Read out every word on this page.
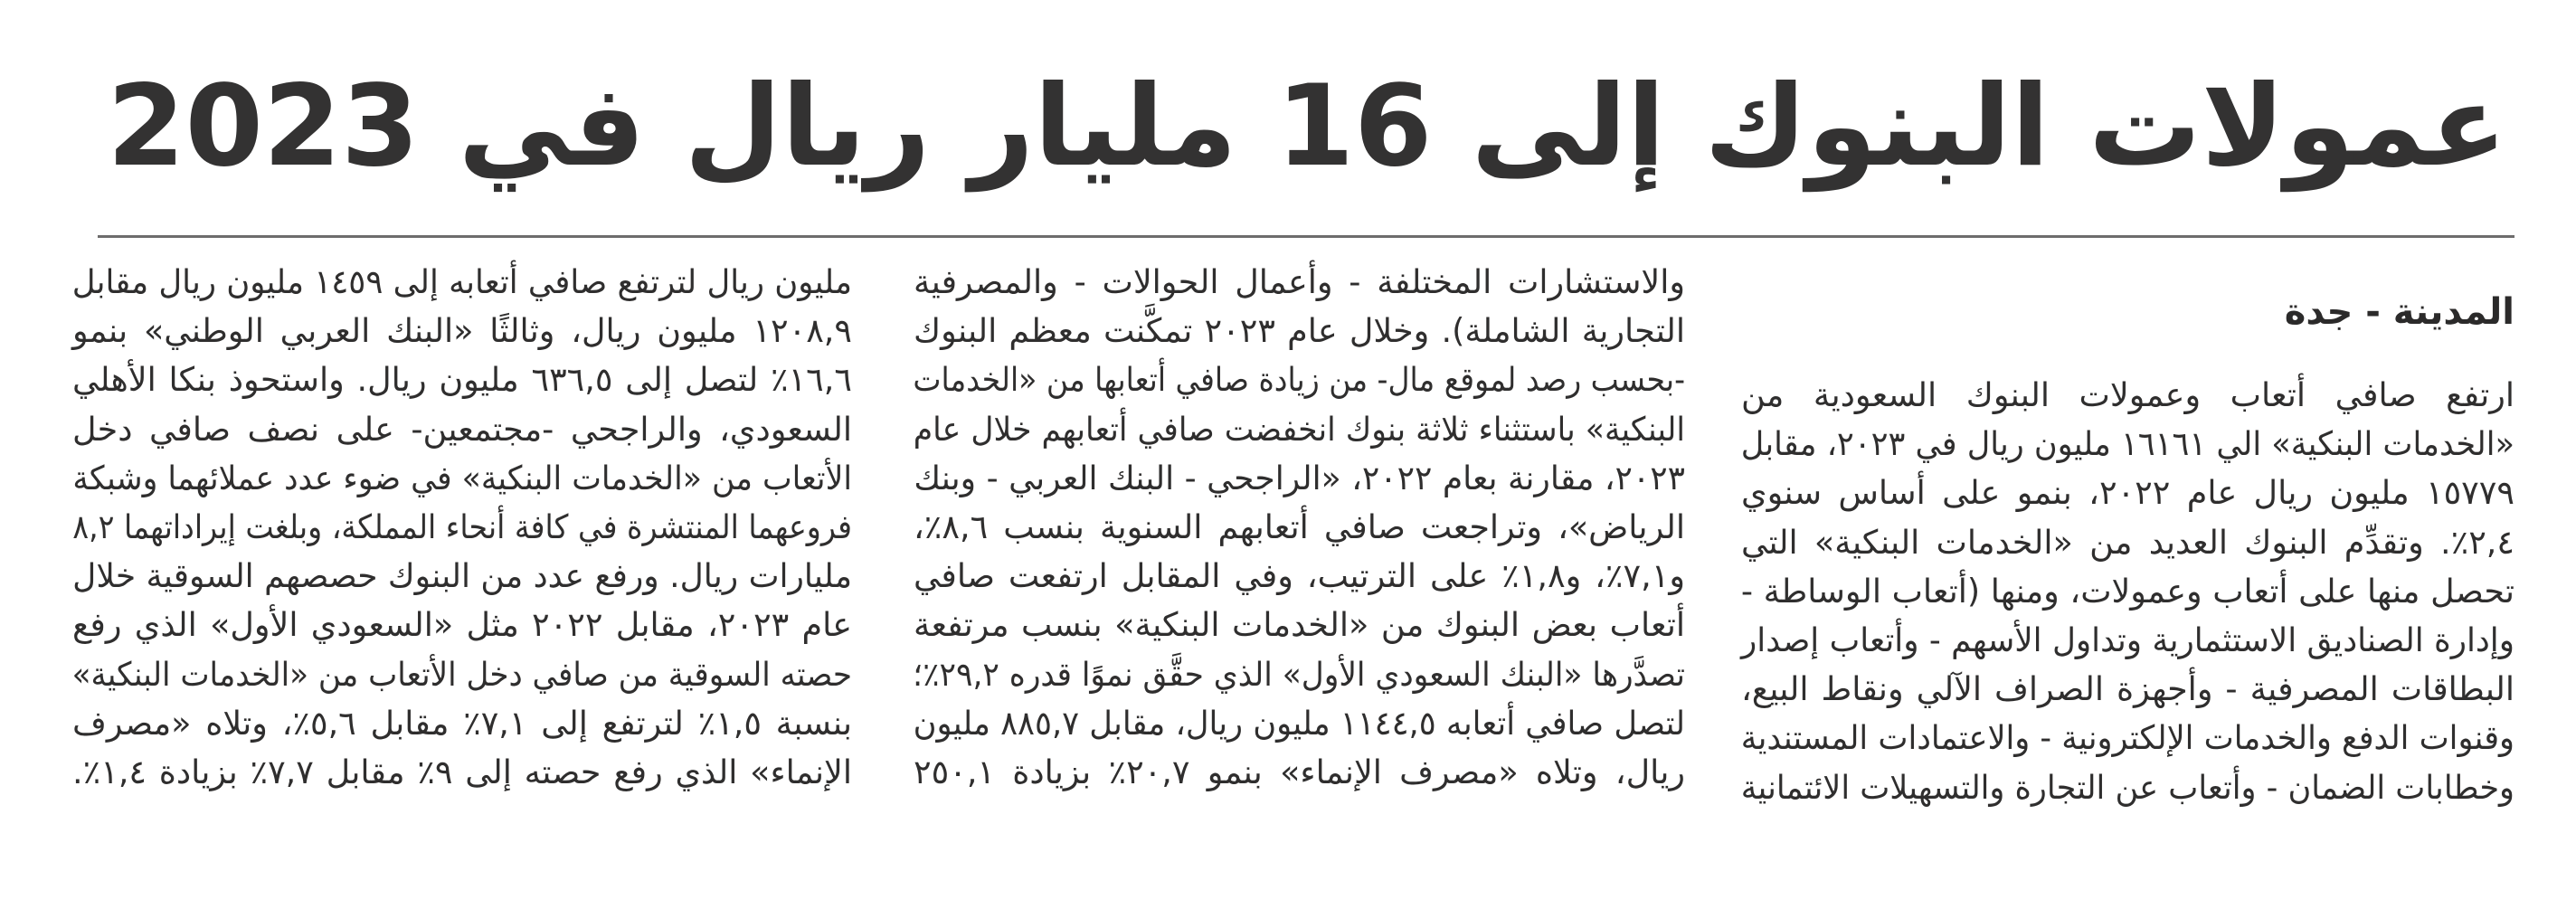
عمولات البنوك إلى 16 مليار ريال في 2023
المدينة - جدة
ارتفع صافي أتعاب وعمولات البنوك السعودية من
«الخدمات البنكية» الي ١٦١٦١ مليون ريال في ٢٠٢٣، مقابل
١٥٧٧٩ مليون ريال عام ٢٠٢٢، بنمو على أساس سنوي
٢,٤٪. وتقدِّم البنوك العديد من «الخدمات البنكية» التي
تحصل منها على أتعاب وعمولات، ومنها (أتعاب الوساطة -
وإدارة الصناديق الاستثمارية وتداول الأسهم - وأتعاب إصدار
البطاقات المصرفية - وأجهزة الصراف الآلي ونقاط البيع،
وقنوات الدفع والخدمات الإلكترونية - والاعتمادات المستندية
وخطابات الضمان - وأتعاب عن التجارة والتسهيلات الائتمانية
والاستشارات المختلفة - وأعمال الحوالات - والمصرفية
التجارية الشاملة). وخلال عام ٢٠٢٣ تمكَّنت معظم البنوك
-بحسب رصد لموقع مال- من زيادة صافي أتعابها من «الخدمات
البنكية» باستثناء ثلاثة بنوك انخفضت صافي أتعابهم خلال عام
٢٠٢٣، مقارنة بعام ٢٠٢٢، «الراجحي - البنك العربي - وبنك
الرياض»، وتراجعت صافي أتعابهم السنوية بنسب ٨,٦٪،
و٧,١٪، و١,٨٪ على الترتيب، وفي المقابل ارتفعت صافي
أتعاب بعض البنوك من «الخدمات البنكية» بنسب مرتفعة
تصدَّرها «البنك السعودي الأول» الذي حقَّق نموًا قدره ٢٩,٢٪؛
لتصل صافي أتعابه ١١٤٤,٥ مليون ريال، مقابل ٨٨٥,٧ مليون
ريال، وتلاه «مصرف الإنماء» بنمو ٢٠,٧٪ بزيادة ٢٥٠,١
مليون ريال لترتفع صافي أتعابه إلى ١٤٥٩ مليون ريال مقابل
١٢٠٨,٩ مليون ريال، وثالثًا «البنك العربي الوطني» بنمو
١٦,٦٪ لتصل إلى ٦٣٦,٥ مليون ريال. واستحوذ بنكا الأهلي
السعودي، والراجحي -مجتمعين- على نصف صافي دخل
الأتعاب من «الخدمات البنكية» في ضوء عدد عملائهما وشبكة
فروعهما المنتشرة في كافة أنحاء المملكة، وبلغت إيراداتهما ٨,٢
مليارات ريال. ورفع عدد من البنوك حصصهم السوقية خلال
عام ٢٠٢٣، مقابل ٢٠٢٢ مثل «السعودي الأول» الذي رفع
حصته السوقية من صافي دخل الأتعاب من «الخدمات البنكية»
بنسبة ١,٥٪ لترتفع إلى ٧,١٪ مقابل ٥,٦٪، وتلاه «مصرف
الإنماء» الذي رفع حصته إلى ٩٪ مقابل ٧,٧٪ بزيادة ١,٤٪.
